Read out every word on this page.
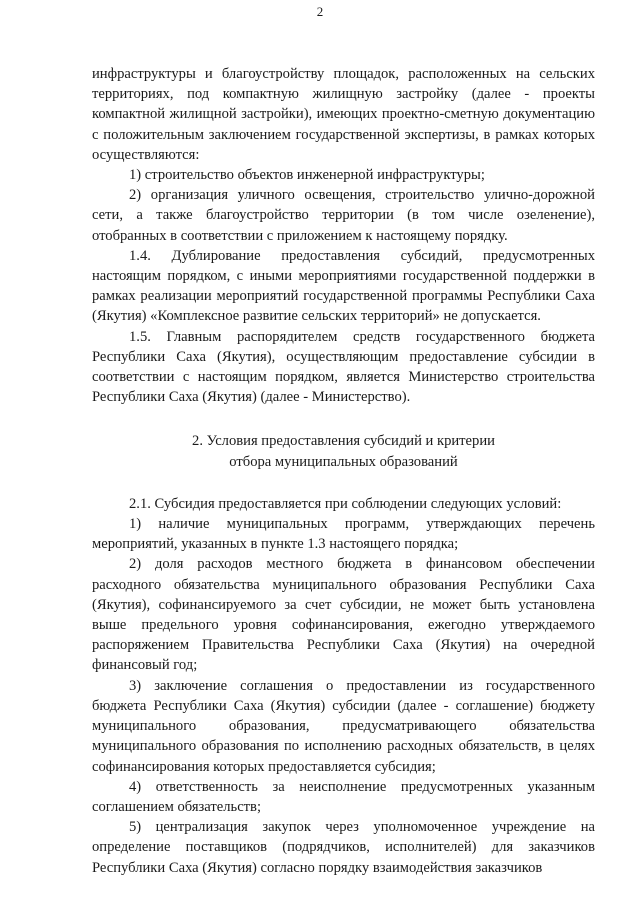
2

инфраструктуры и благоустройству площадок, расположенных на сельских территориях, под компактную жилищную застройку (далее - проекты компактной жилищной застройки), имеющих проектно-сметную документацию с положительным заключением государственной экспертизы, в рамках которых осуществляются:

1) строительство объектов инженерной инфраструктуры;

2) организация уличного освещения, строительство улично-дорожной сети, а также благоустройство территории (в том числе озеленение), отобранных в соответствии с приложением к настоящему порядку.

1.4. Дублирование предоставления субсидий, предусмотренных настоящим порядком, с иными мероприятиями государственной поддержки в рамках реализации мероприятий государственной программы Республики Саха (Якутия) «Комплексное развитие сельских территорий» не допускается.

1.5. Главным распорядителем средств государственного бюджета Республики Саха (Якутия), осуществляющим предоставление субсидии в соответствии с настоящим порядком, является Министерство строительства Республики Саха (Якутия) (далее - Министерство).

2. Условия предоставления субсидий и критерии
отбора муниципальных образований

2.1. Субсидия предоставляется при соблюдении следующих условий:

1) наличие муниципальных программ, утверждающих перечень мероприятий, указанных в пункте 1.3 настоящего порядка;

2) доля расходов местного бюджета в финансовом обеспечении расходного обязательства муниципального образования Республики Саха (Якутия), софинансируемого за счет субсидии, не может быть установлена выше предельного уровня софинансирования, ежегодно утверждаемого распоряжением Правительства Республики Саха (Якутия) на очередной финансовый год;

3) заключение соглашения о предоставлении из государственного бюджета Республики Саха (Якутия) субсидии (далее - соглашение) бюджету муниципального образования, предусматривающего обязательства муниципального образования по исполнению расходных обязательств, в целях софинансирования которых предоставляется субсидия;

4) ответственность за неисполнение предусмотренных указанным соглашением обязательств;

5) централизация закупок через уполномоченное учреждение на определение поставщиков (подрядчиков, исполнителей) для заказчиков Республики Саха (Якутия) согласно порядку взаимодействия заказчиков
